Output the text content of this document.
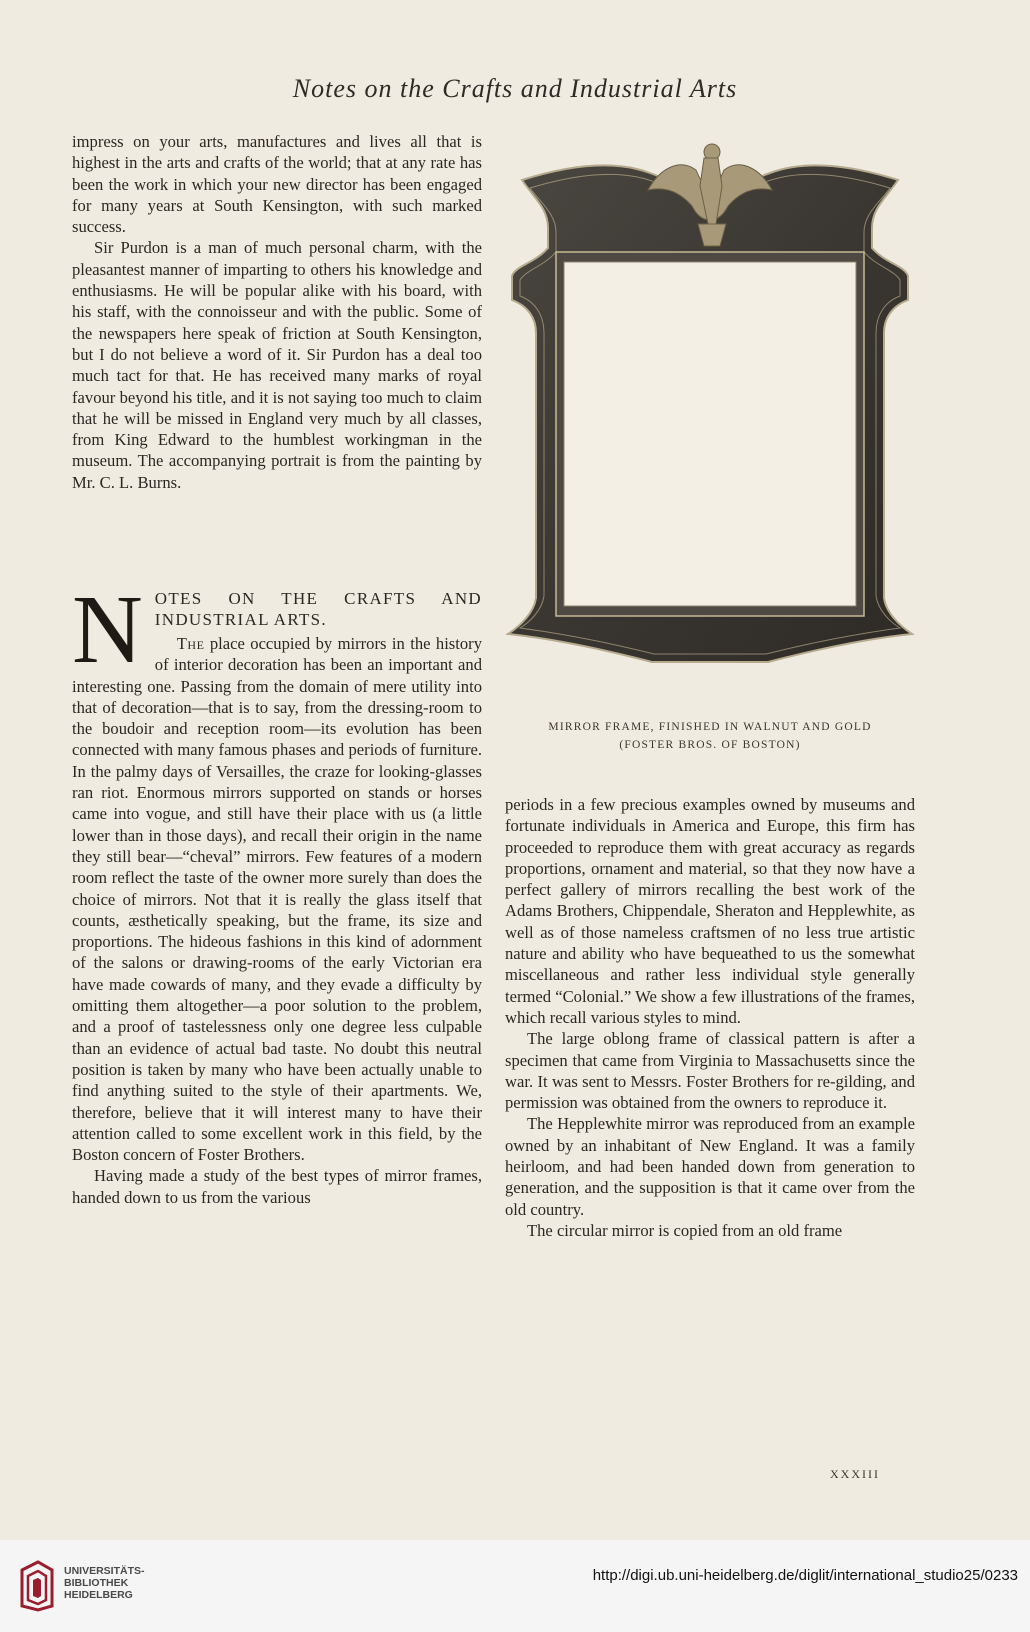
Notes on the Crafts and Industrial Arts

impress on your arts, manufactures and lives all that is highest in the arts and crafts of the world; that at any rate has been the work in which your new director has been engaged for many years at South Kensington, with such marked success.

Sir Purdon is a man of much personal charm, with the pleasantest manner of imparting to others his knowledge and enthusiasms. He will be popular alike with his board, with his staff, with the connoisseur and with the public. Some of the newspapers here speak of friction at South Kensington, but I do not believe a word of it. Sir Purdon has a deal too much tact for that. He has received many marks of royal favour beyond his title, and it is not saying too much to claim that he will be missed in England very much by all classes, from King Edward to the humblest workingman in the museum. The accompanying portrait is from the painting by Mr. C. L. Burns.

N OTES ON THE CRAFTS AND INDUSTRIAL ARTS.

The place occupied by mirrors in the history of interior decoration has been an important and interesting one. Passing from the domain of mere utility into that of decoration—that is to say, from the dressing-room to the boudoir and reception room—its evolution has been connected with many famous phases and periods of furniture. In the palmy days of Versailles, the craze for looking-glasses ran riot. Enormous mirrors supported on stands or horses came into vogue, and still have their place with us (a little lower than in those days), and recall their origin in the name they still bear—“cheval” mirrors. Few features of a modern room reflect the taste of the owner more surely than does the choice of mirrors. Not that it is really the glass itself that counts, æsthetically speaking, but the frame, its size and proportions. The hideous fashions in this kind of adornment of the salons or drawing-rooms of the early Victorian era have made cowards of many, and they evade a difficulty by omitting them altogether—a poor solution to the problem, and a proof of tastelessness only one degree less culpable than an evidence of actual bad taste. No doubt this neutral position is taken by many who have been actually unable to find anything suited to the style of their apartments. We, therefore, believe that it will interest many to have their attention called to some excellent work in this field, by the Boston concern of Foster Brothers.

Having made a study of the best types of mirror frames, handed down to us from the various

MIRROR FRAME, FINISHED IN WALNUT AND GOLD
(FOSTER BROS. OF BOSTON)

periods in a few precious examples owned by museums and fortunate individuals in America and Europe, this firm has proceeded to reproduce them with great accuracy as regards proportions, ornament and material, so that they now have a perfect gallery of mirrors recalling the best work of the Adams Brothers, Chippendale, Sheraton and Hepplewhite, as well as of those nameless craftsmen of no less true artistic nature and ability who have bequeathed to us the somewhat miscellaneous and rather less individual style generally termed “Colonial.” We show a few illustrations of the frames, which recall various styles to mind.

The large oblong frame of classical pattern is after a specimen that came from Virginia to Massachusetts since the war. It was sent to Messrs. Foster Brothers for re-gilding, and permission was obtained from the owners to reproduce it.

The Hepplewhite mirror was reproduced from an example owned by an inhabitant of New England. It was a family heirloom, and had been handed down from generation to generation, and the supposition is that it came over from the old country.

The circular mirror is copied from an old frame

XXXIII
UNIVERSITÄTS-
BIBLIOTHEK
HEIDELBERG
http://digi.ub.uni-heidelberg.de/diglit/international_studio25/0233
